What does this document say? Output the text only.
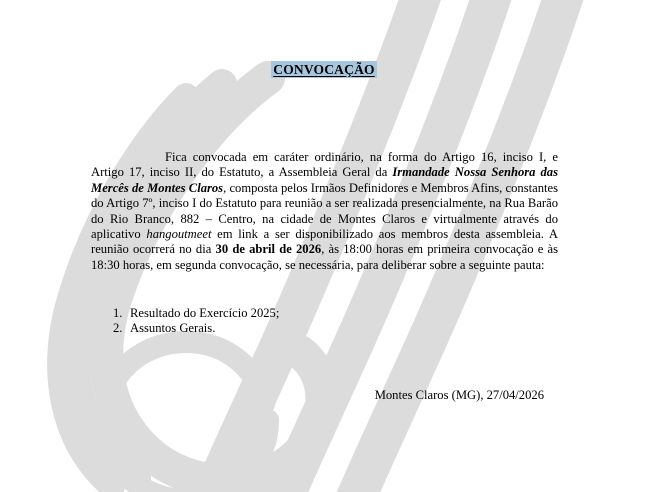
CONVOCAÇÃO
Fica convocada em caráter ordinário, na forma do Artigo 16, inciso I, e Artigo 17, inciso II, do Estatuto, a Assembleia Geral da Irmandade Nossa Senhora das Mercês de Montes Claros, composta pelos Irmãos Definidores e Membros Afins, constantes do Artigo 7º, inciso I do Estatuto para reunião a ser realizada presencialmente, na Rua Barão do Rio Branco, 882 – Centro, na cidade de Montes Claros e virtualmente através do aplicativo hangoutmeet em link a ser disponibilizado aos membros desta assembleia. A reunião ocorrerá no dia 30 de abril de 2026, às 18:00 horas em primeira convocação e às 18:30 horas, em segunda convocação, se necessária, para deliberar sobre a seguinte pauta:
1. Resultado do Exercício 2025;
2. Assuntos Gerais.
Montes Claros (MG), 27/04/2026
